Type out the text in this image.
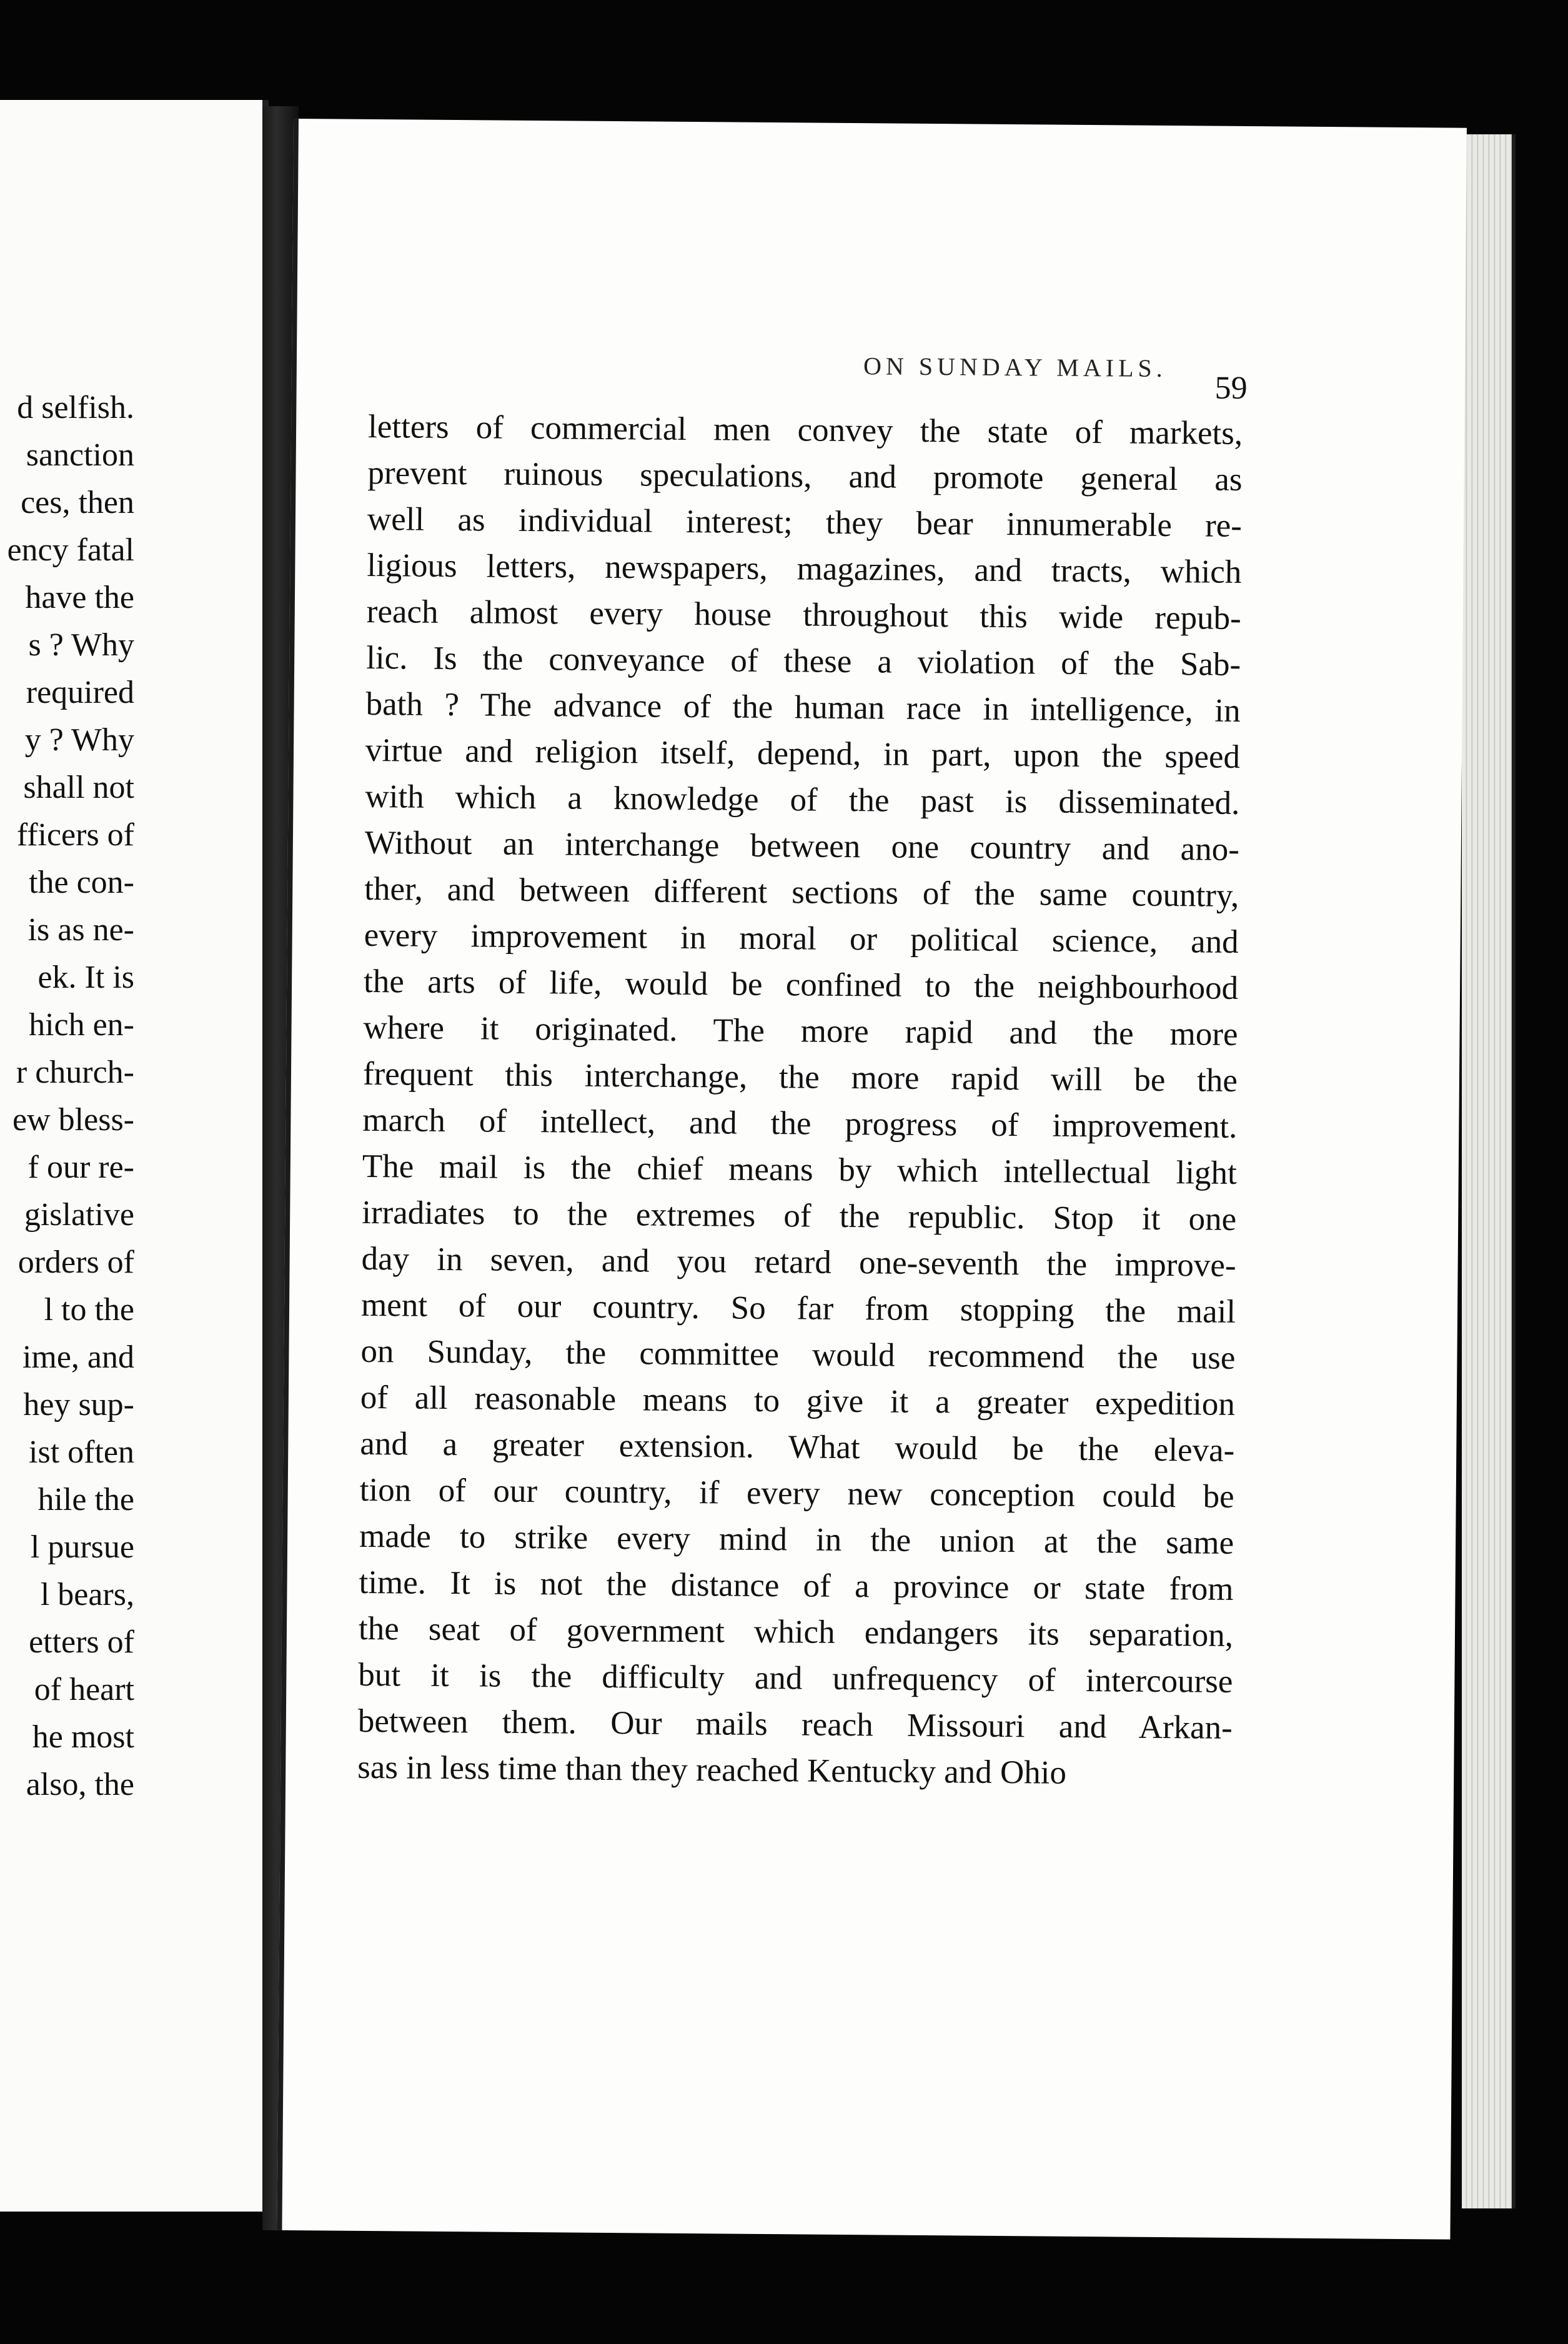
d selfish.
sanction
ces, then
ency fatal
have the
s ? Why
required
y ? Why
shall not
fficers of
the con-
is as ne-
ek. It is
hich en-
r church-
ew bless-
f our re-
gislative
orders of
l to the
ime, and
hey sup-
ist often
hile the
l pursue
l bears,
etters of
of heart
he most
also, the
ON SUNDAY MAILS.
59
letters of commercial men convey the state of markets,
prevent ruinous speculations, and promote general as
well as individual interest; they bear innumerable re-
ligious letters, newspapers, magazines, and tracts, which
reach almost every house throughout this wide repub-
lic. Is the conveyance of these a violation of the Sab-
bath ? The advance of the human race in intelligence, in
virtue and religion itself, depend, in part, upon the speed
with which a knowledge of the past is disseminated.
Without an interchange between one country and ano-
ther, and between different sections of the same country,
every improvement in moral or political science, and
the arts of life, would be confined to the neighbourhood
where it originated. The more rapid and the more
frequent this interchange, the more rapid will be the
march of intellect, and the progress of improvement.
The mail is the chief means by which intellectual light
irradiates to the extremes of the republic. Stop it one
day in seven, and you retard one-seventh the improve-
ment of our country. So far from stopping the mail
on Sunday, the committee would recommend the use
of all reasonable means to give it a greater expedition
and a greater extension. What would be the eleva-
tion of our country, if every new conception could be
made to strike every mind in the union at the same
time. It is not the distance of a province or state from
the seat of government which endangers its separation,
but it is the difficulty and unfrequency of intercourse
between them. Our mails reach Missouri and Arkan-
sas in less time than they reached Kentucky and Ohio
